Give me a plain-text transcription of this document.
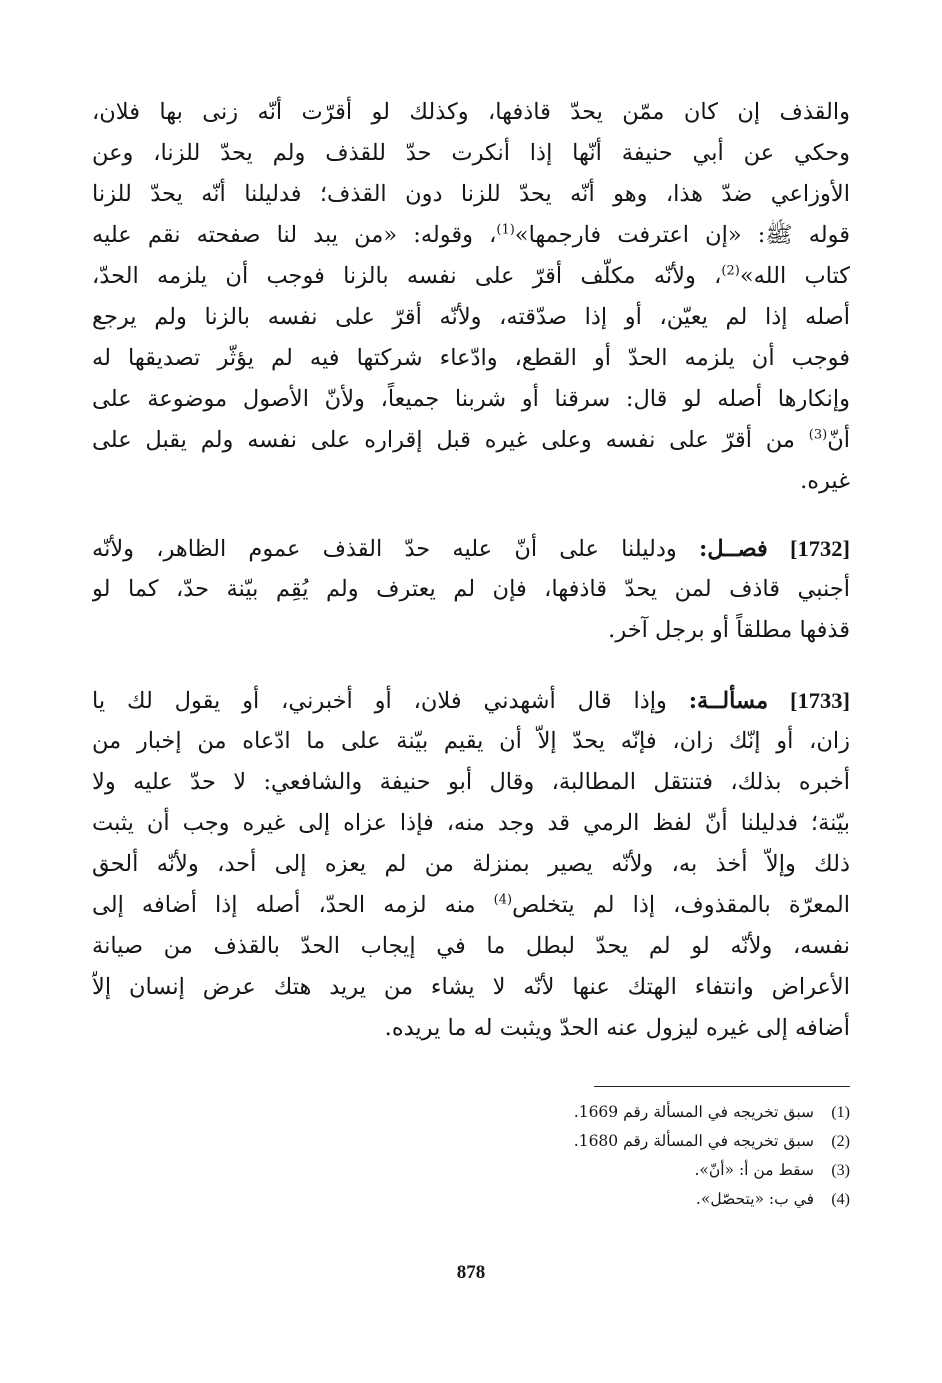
والقذف إن كان ممّن يحدّ قاذفها، وكذلك لو أقرّت أنّه زنى بها فلان،
وحكي عن أبي حنيفة أنّها إذا أنكرت حدّ للقذف ولم يحدّ للزنا، وعن
الأوزاعي ضدّ هذا، وهو أنّه يحدّ للزنا دون القذف؛ فدليلنا أنّه يحدّ للزنا
قوله ﷺ: «إن اعترفت فارجمها»$^{(1)}$، وقوله: «من يبد لنا صفحته نقم عليه
كتاب الله»$^{(2)}$، ولأنّه مكلّف أقرّ على نفسه بالزنا فوجب أن يلزمه الحدّ،
أصله إذا لم يعيّن، أو إذا صدّقته، ولأنّه أقرّ على نفسه بالزنا ولم يرجع
فوجب أن يلزمه الحدّ أو القطع، وادّعاء شركتها فيه لم يؤثّر تصديقها له
وإنكارها أصله لو قال: سرقنا أو شربنا جميعاً، ولأنّ الأصول موضوعة على
أنّ$^{(3)}$ من أقرّ على نفسه وعلى غيره قبل إقراره على نفسه ولم يقبل على
غيره.
[1732] فصــل: ودليلنا على أنّ عليه حدّ القذف عموم الظاهر، ولأنّه
أجنبي قاذف لمن يحدّ قاذفها، فإن لم يعترف ولم يُقِم بيّنة حدّ، كما لو
قذفها مطلقاً أو برجل آخر.
[1733] مسألــة: وإذا قال أشهدني فلان، أو أخبرني، أو يقول لك يا
زان، أو إنّك زان، فإنّه يحدّ إلاّ أن يقيم بيّنة على ما ادّعاه من إخبار من
أخبره بذلك، فتنتقل المطالبة، وقال أبو حنيفة والشافعي: لا حدّ عليه ولا
بيّنة؛ فدليلنا أنّ لفظ الرمي قد وجد منه، فإذا عزاه إلى غيره وجب أن يثبت
ذلك وإلاّ أخذ به، ولأنّه يصير بمنزلة من لم يعزه إلى أحد، ولأنّه ألحق
المعرّة بالمقذوف، إذا لم يتخلص$^{(4)}$ منه لزمه الحدّ، أصله إذا أضافه إلى
نفسه، ولأنّه لو لم يحدّ لبطل ما في إيجاب الحدّ بالقذف من صيانة
الأعراض وانتفاء الهتك عنها لأنّه لا يشاء من يريد هتك عرض إنسان إلاّ
أضافه إلى غيره ليزول عنه الحدّ ويثبت له ما يريده.
(1)سبق تخريجه في المسألة رقم 1669.
(2)سبق تخريجه في المسألة رقم 1680.
(3)سقط من أ: «أنّ».
(4)في ب: «يتحصّل».
878
